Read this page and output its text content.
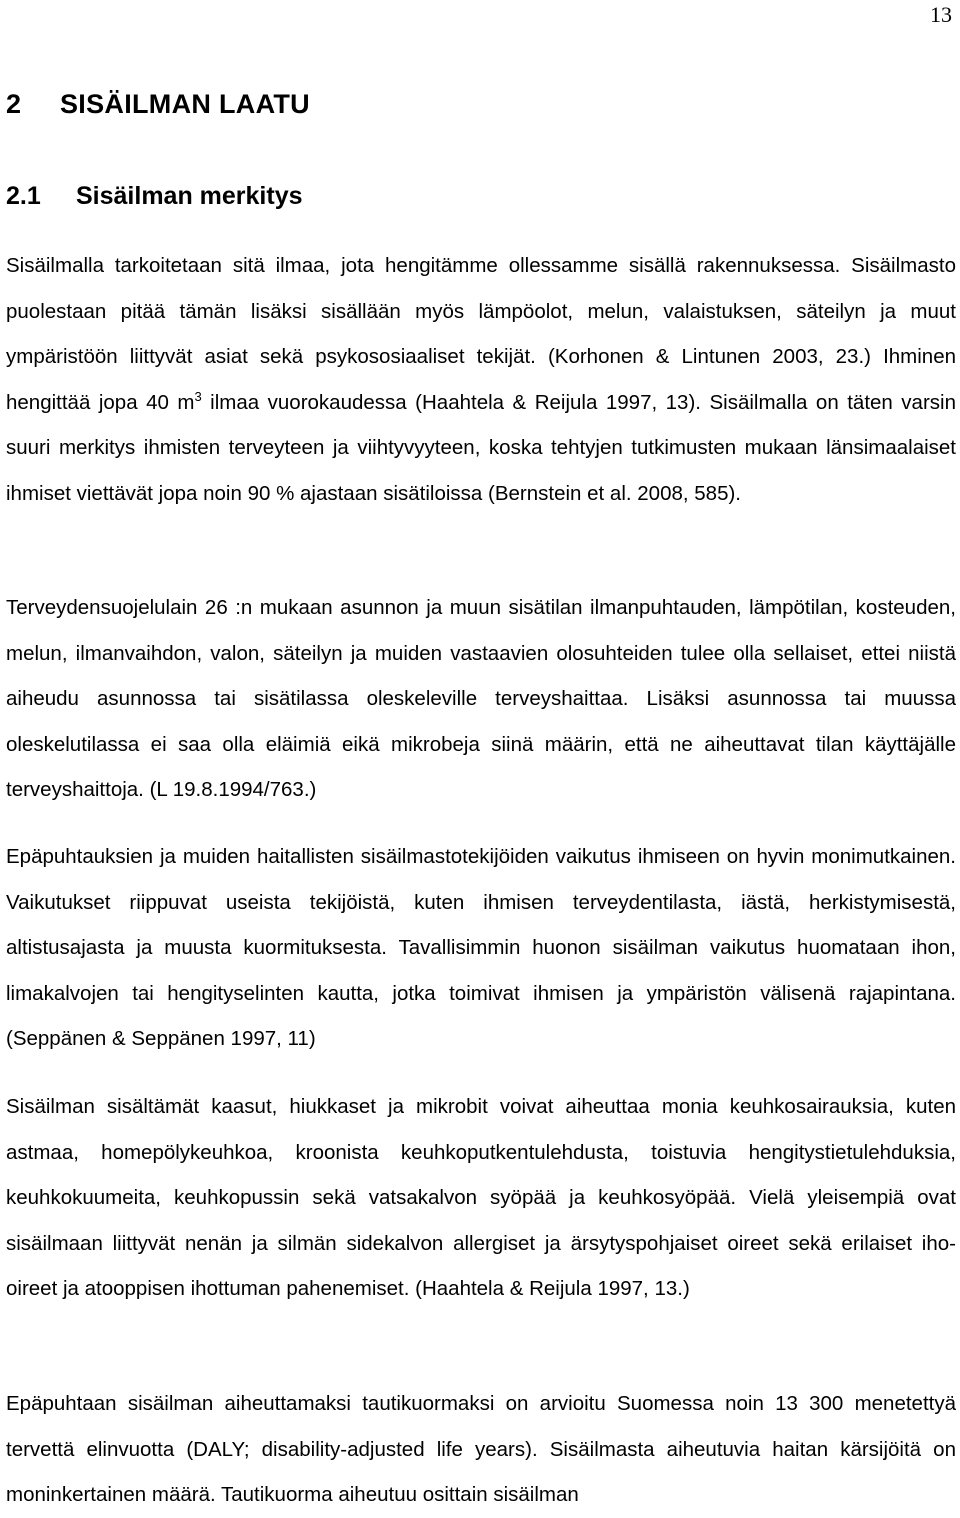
13
2 SISÄILMAN LAATU
2.1 Sisäilman merkitys

Sisäilmalla tarkoitetaan sitä ilmaa, jota hengitämme ollessamme sisällä rakennuksessa. Sisäilmasto puolestaan pitää tämän lisäksi sisällään myös lämpöolot, melun, valaistuksen, säteilyn ja muut ympäristöön liittyvät asiat sekä psykososiaaliset tekijät. (Korhonen & Lintunen 2003, 23.) Ihminen hengittää jopa 40 $m^3$ ilmaa vuorokaudessa (Haahtela & Reijula 1997, 13). Sisäilmalla on täten varsin suuri merkitys ihmisten terveyteen ja viihtyvyyteen, koska tehtyjen tutkimusten mukaan länsimaalaiset ihmiset viettävät jopa noin 90 % ajastaan sisätiloissa (Bernstein et al. 2008, 585).

Terveydensuojelulain 26 :n mukaan asunnon ja muun sisätilan ilmanpuhtauden, lämpötilan, kosteuden, melun, ilmanvaihdon, valon, säteilyn ja muiden vastaavien olosuhteiden tulee olla sellaiset, ettei niistä aiheudu asunnossa tai sisätilassa oleskeleville terveyshaittaa. Lisäksi asunnossa tai muussa oleskelutilassa ei saa olla eläimiä eikä mikrobeja siinä määrin, että ne aiheuttavat tilan käyttäjälle terveyshaittoja. (L 19.8.1994/763.)

Epäpuhtauksien ja muiden haitallisten sisäilmastotekijöiden vaikutus ihmiseen on hyvin monimutkainen. Vaikutukset riippuvat useista tekijöistä, kuten ihmisen terveydentilasta, iästä, herkistymisestä, altistusajasta ja muusta kuormituksesta. Tavallisimmin huonon sisäilman vaikutus huomataan ihon, limakalvojen tai hengityselinten kautta, jotka toimivat ihmisen ja ympäristön välisenä rajapintana. (Seppänen & Seppänen 1997, 11)

Sisäilman sisältämät kaasut, hiukkaset ja mikrobit voivat aiheuttaa monia keuhkosairauksia, kuten astmaa, homepölykeuhkoa, kroonista keuhkoputkentulehdusta, toistuvia hengitystietulehduksia, keuhkokuumeita, keuhkopussin sekä vatsakalvon syöpää ja keuhkosyöpää. Vielä yleisempiä ovat sisäilmaan liittyvät nenän ja silmän sidekalvon allergiset ja ärsytyspohjaiset oireet sekä erilaiset iho-oireet ja atooppisen ihottuman pahenemiset. (Haahtela & Reijula 1997, 13.)

Epäpuhtaan sisäilman aiheuttamaksi tautikuormaksi on arvioitu Suomessa noin 13 300 menetettyä tervettä elinvuotta (DALY; disability-adjusted life years). Sisäilmasta aiheutuvia haitan kärsijöitä on moninkertainen määrä. Tautikuorma aiheutuu osittain sisäilman
